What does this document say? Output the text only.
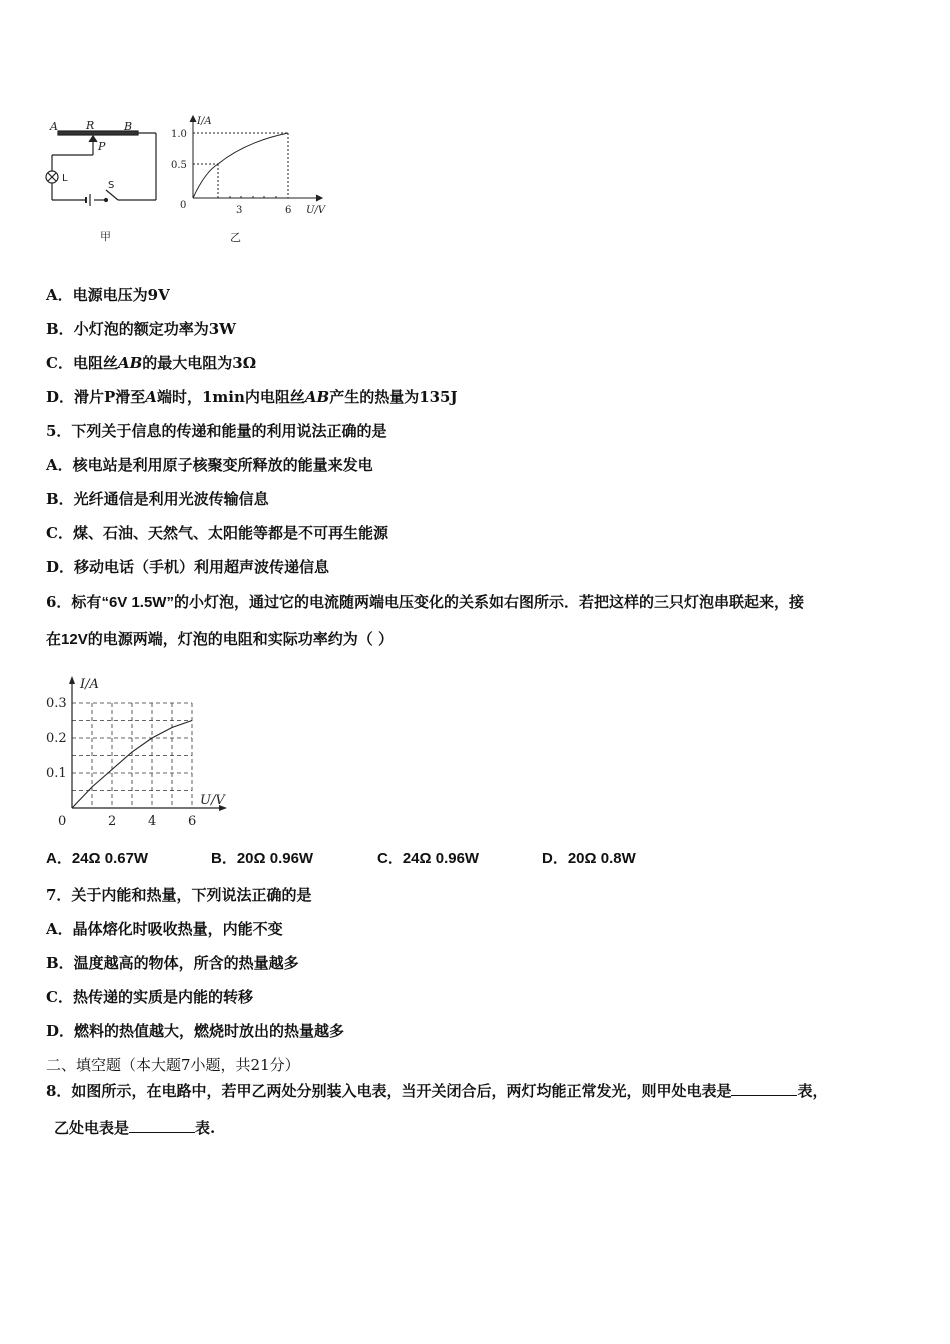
A	R	B
P
L
S
甲
I/A
1.0
0.5
0	3	6 U/V
乙
A．电源电压为9V
B．小灯泡的额定功率为3W
C．电阻丝AB的最大电阻为3Ω
D．滑片P滑至A端时，1min内电阻丝AB产生的热量为135J
5．下列关于信息的传递和能量的利用说法正确的是
A．核电站是利用原子核聚变所释放的能量来发电
B．光纤通信是利用光波传输信息
C．煤、石油、天然气、太阳能等都是不可再生能源
D．移动电话（手机）利用超声波传递信息
6．标有“6V 1.5W”的小灯泡，通过它的电流随两端电压变化的关系如右图所示．若把这样的三只灯泡串联起来，接
在12V的电源两端，灯泡的电阻和实际功率约为（ ）
0	2 4 6
0.1
0.2
0.3
I/A
U/V
A．24Ω 0.67W	B．20Ω 0.96W	C．24Ω 0.96W	D．20Ω 0.8W
7．关于内能和热量，下列说法正确的是
A．晶体熔化时吸收热量，内能不变
B．温度越高的物体，所含的热量越多
C．热传递的实质是内能的转移
D．燃料的热值越大，燃烧时放出的热量越多
二、填空题（本大题7小题，共21分）
8．如图所示，在电路中，若甲乙两处分别装入电表，当开关闭合后，两灯均能正常发光，则甲处电表是	表，
乙处电表是	表.
